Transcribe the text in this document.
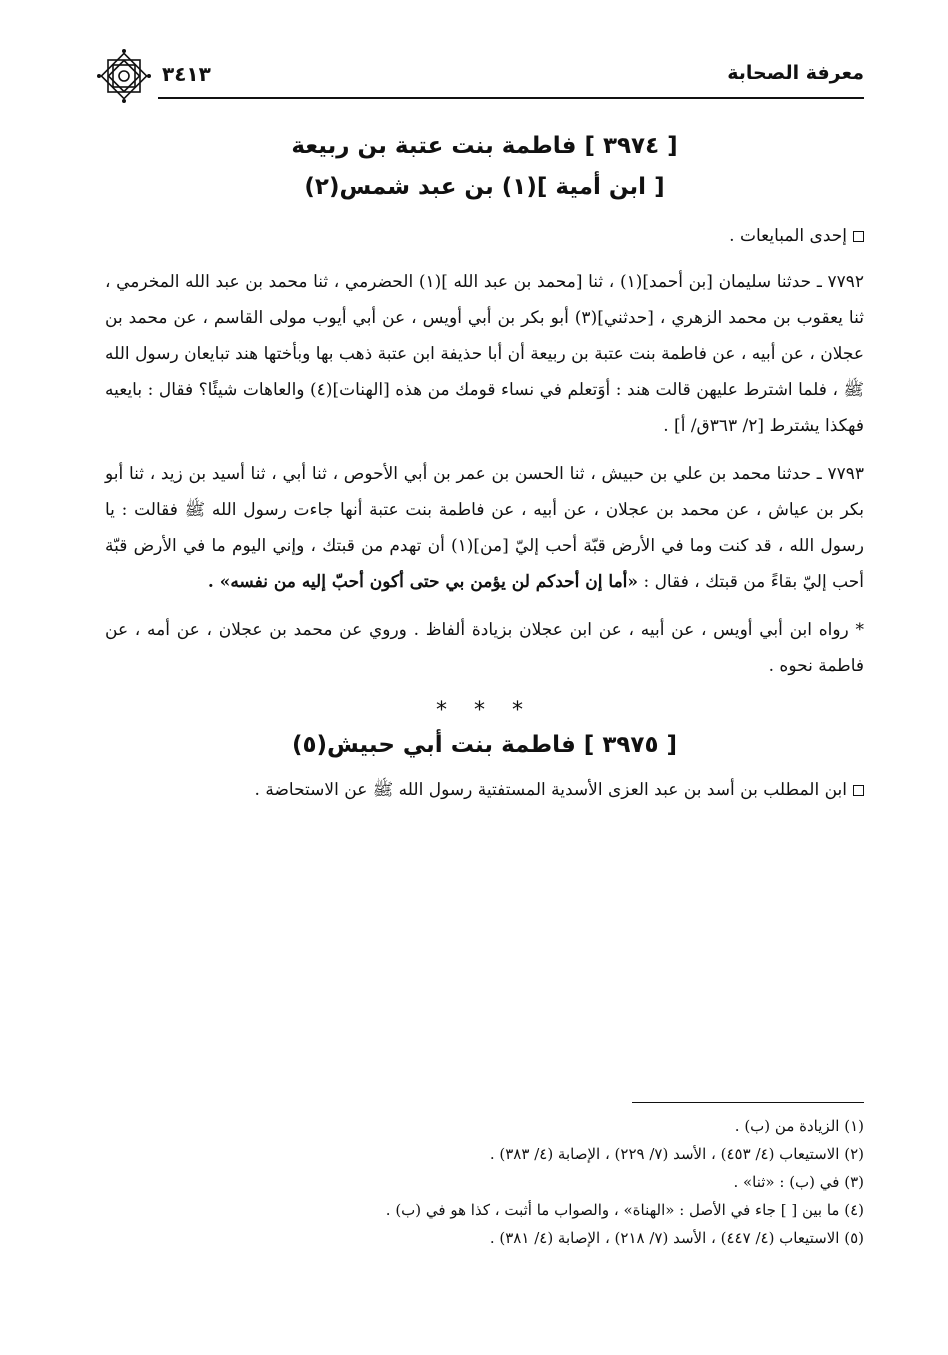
معرفة الصحابة
٣٤١٣
[ ٣٩٧٤ ] فاطمة بنت عتبة بن ربيعة
[ ابن أمية ](١) بن عبد شمس(٢)

إحدى المبايعات .

٧٧٩٢ ـ حدثنا سليمان [بن أحمد](١) ، ثنا [محمد بن عبد الله ](١) الحضرمي ، ثنا محمد بن عبد الله المخرمي ، ثنا يعقوب بن محمد الزهري ، [حدثني](٣) أبو بكر بن أبي أويس ، عن أبي أيوب مولى القاسم ، عن محمد بن عجلان ، عن أبيه ، عن فاطمة بنت عتبة بن ربيعة أن أبا حذيفة ابن عتبة ذهب بها وبأختها هند تبايعان رسول الله ﷺ ، فلما اشترط عليهن قالت هند : أوَتعلم في نساء قومك من هذه [الهنات](٤) والعاهات شيئًا؟ فقال : بايعيه فهكذا يشترط [٢/ ٣٦٣ق/ أ] .

٧٧٩٣ ـ حدثنا محمد بن علي بن حبيش ، ثنا الحسن بن عمر بن أبي الأحوص ، ثنا أبي ، ثنا أسيد بن زيد ، ثنا أبو بكر بن عياش ، عن محمد بن عجلان ، عن أبيه ، عن فاطمة بنت عتبة أنها جاءت رسول الله ﷺ فقالت : يا رسول الله ، قد كنت وما في الأرض قبّة أحب إليّ [من](١) أن تهدم من قبتك ، وإني اليوم ما في الأرض قبّة أحب إليّ بقاءً من قبتك ، فقال : «أما إن أحدكم لن يؤمن بي حتى أكون أحبّ إليه من نفسه» .

* رواه ابن أبي أويس ، عن أبيه ، عن ابن عجلان بزيادة ألفاظ . وروي عن محمد بن عجلان ، عن أمه ، عن فاطمة نحوه .

* * *
[ ٣٩٧٥ ] فاطمة بنت أبي حبيش(٥)

ابن المطلب بن أسد بن عبد العزى الأسدية المستفتية رسول الله ﷺ عن الاستحاضة .

(١) الزيادة من (ب) .
(٢) الاستيعاب (٤/ ٤٥٣) ، الأسد (٧/ ٢٢٩) ، الإصابة (٤/ ٣٨٣) .
(٣) في (ب) : «ثنا» .
(٤) ما بين [ ] جاء في الأصل : «الهناة» ، والصواب ما أثبت ، كذا هو في (ب) .
(٥) الاستيعاب (٤/ ٤٤٧) ، الأسد (٧/ ٢١٨) ، الإصابة (٤/ ٣٨١) .
